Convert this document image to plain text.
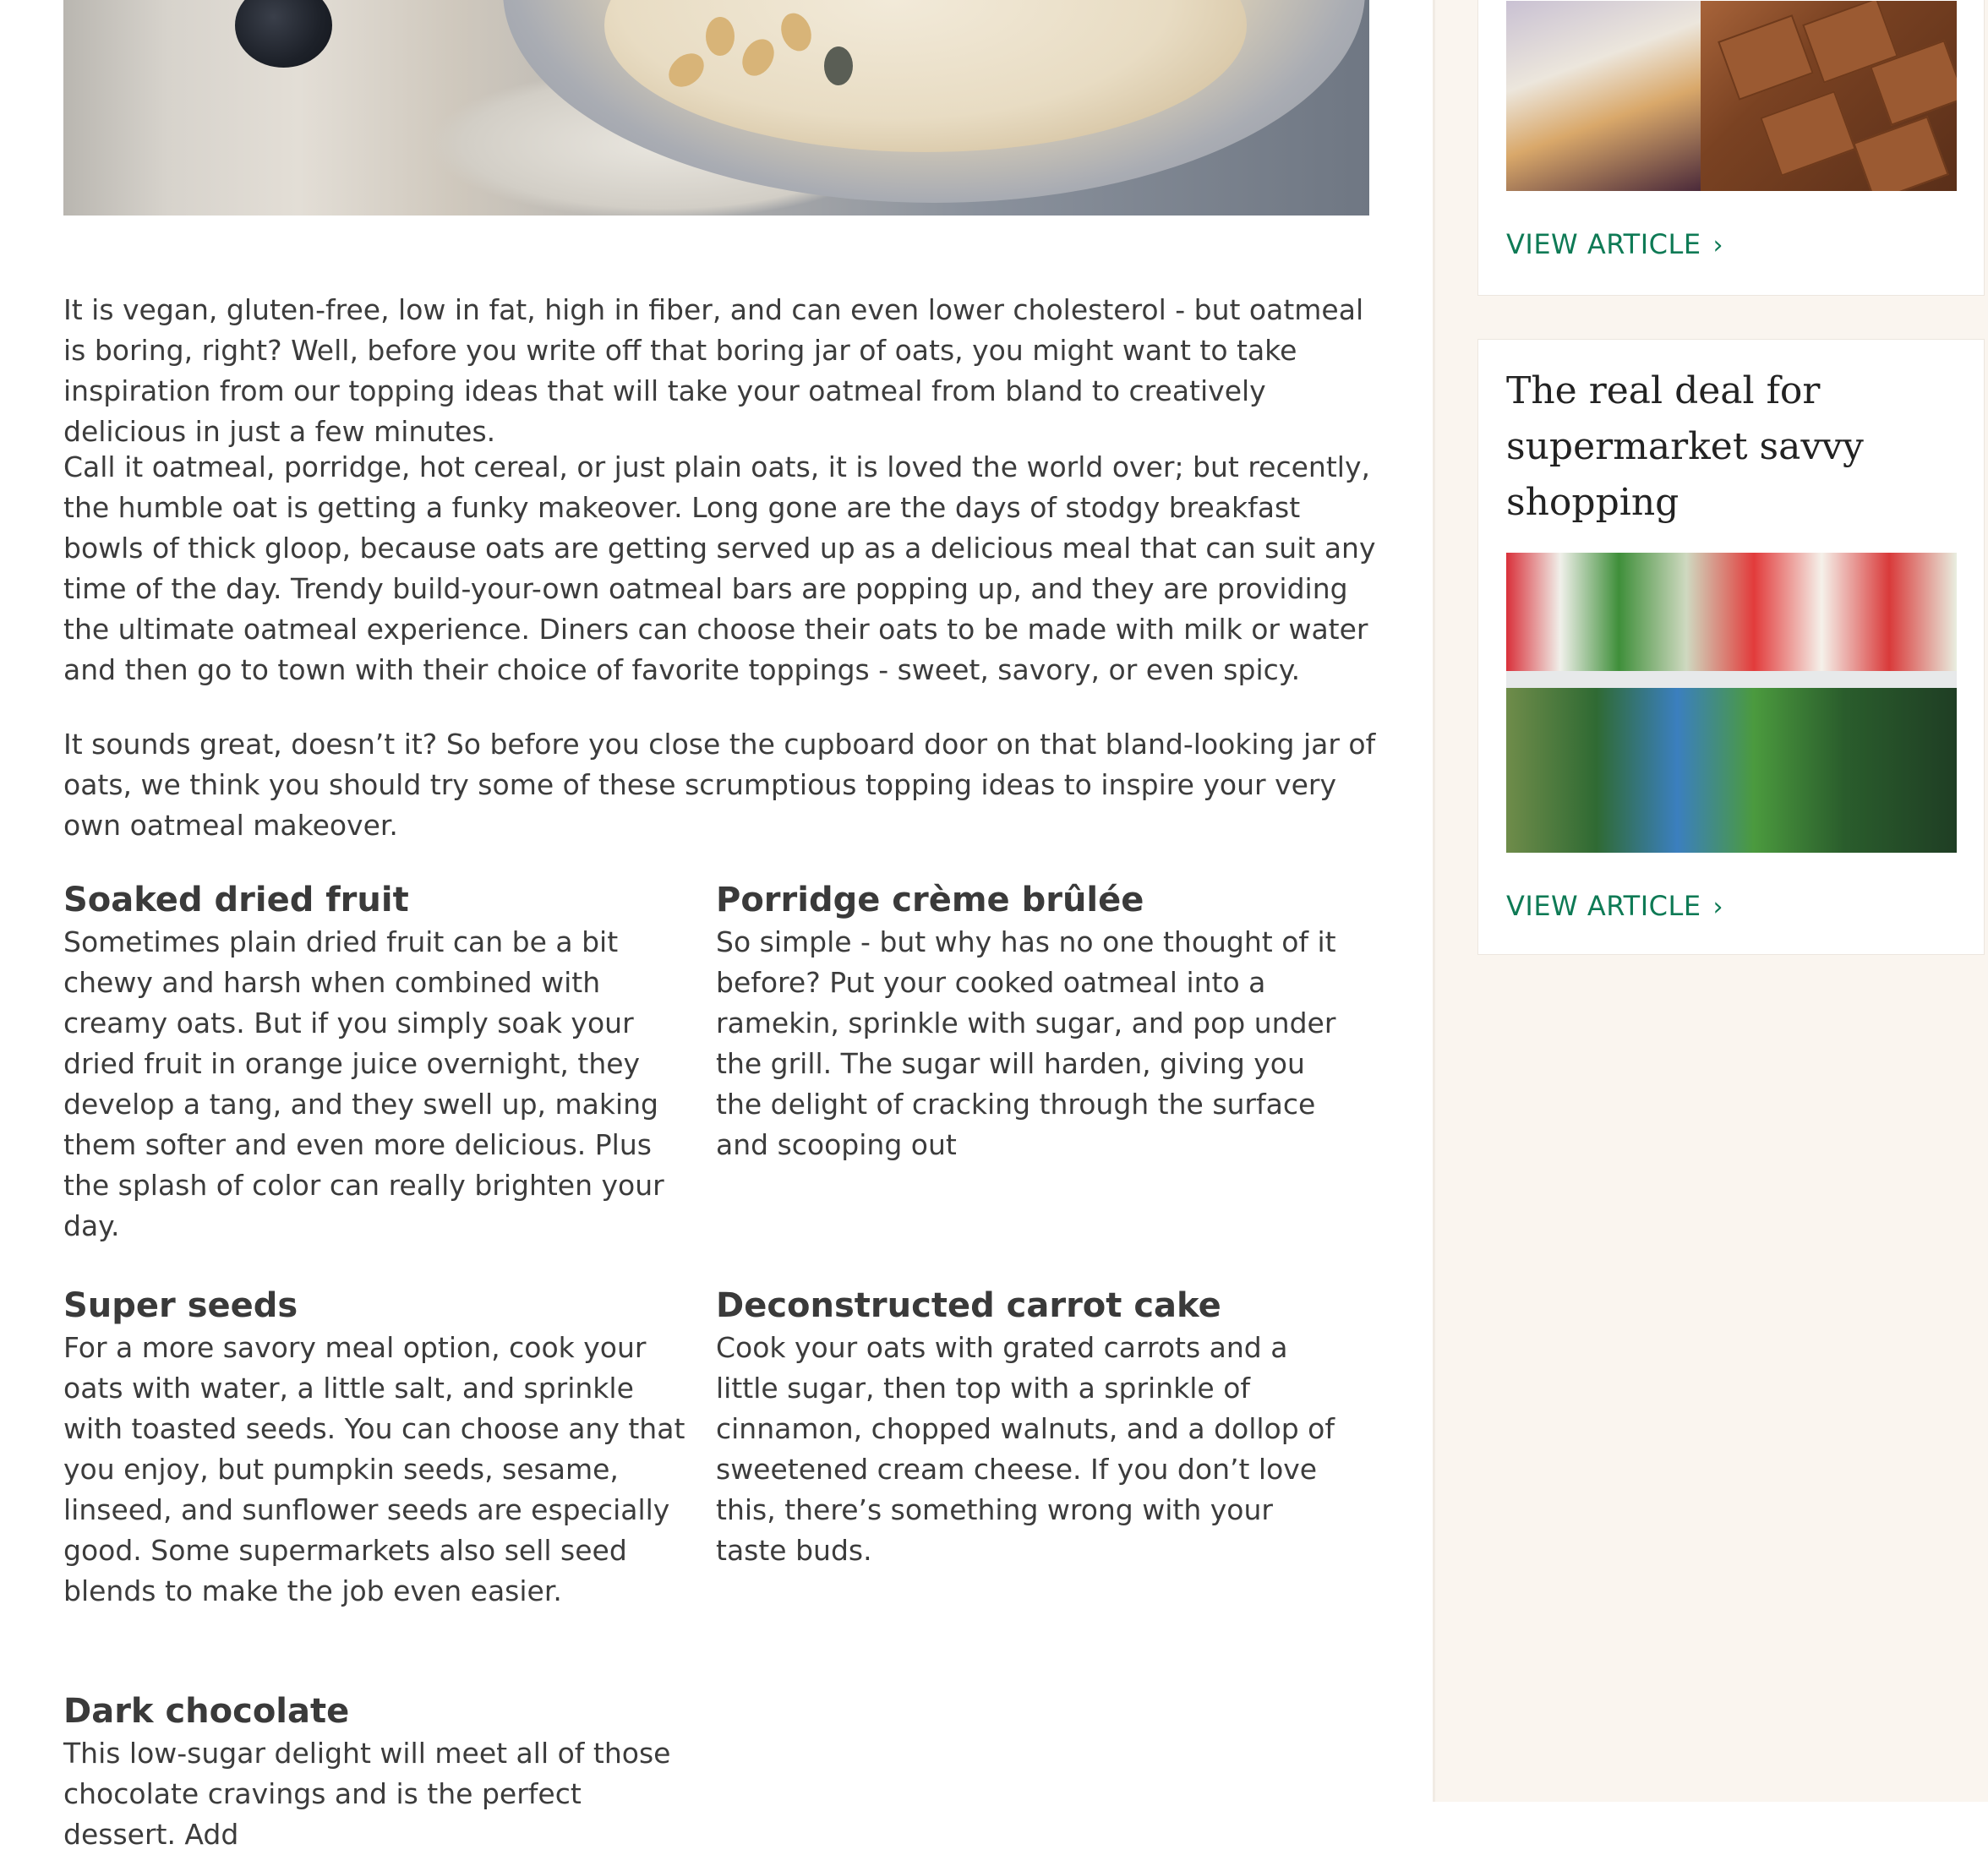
It is vegan, gluten-free, low in fat, high in fiber, and can even lower cholesterol - but oatmeal is boring, right? Well, before you write off that boring jar of oats, you might want to take inspiration from our topping ideas that will take your oatmeal from bland to creatively delicious in just a few minutes.

Call it oatmeal, porridge, hot cereal, or just plain oats, it is loved the world over; but recently, the humble oat is getting a funky makeover. Long gone are the days of stodgy breakfast bowls of thick gloop, because oats are getting served up as a delicious meal that can suit any time of the day. Trendy build-your-own oatmeal bars are popping up, and they are providing the ultimate oatmeal experience. Diners can choose their oats to be made with milk or water and then go to town with their choice of favorite toppings - sweet, savory, or even spicy.

It sounds great, doesn’t it? So before you close the cupboard door on that bland-looking jar of oats, we think you should try some of these scrumptious topping ideas to inspire your very own oatmeal makeover.

Soaked dried fruit

Sometimes plain dried fruit can be a bit chewy and harsh when combined with creamy oats. But if you simply soak your dried fruit in orange juice overnight, they develop a tang, and they swell up, making them softer and even more delicious. Plus the splash of color can really brighten your day.

Porridge crème brûlée

So simple - but why has no one thought of it before? Put your cooked oatmeal into a ramekin, sprinkle with sugar, and pop under the grill. The sugar will harden, giving you the delight of cracking through the surface and scooping out

Super seeds

For a more savory meal option, cook your oats with water, a little salt, and sprinkle with toasted seeds. You can choose any that you enjoy, but pumpkin seeds, sesame, linseed, and sunflower seeds are especially good. Some supermarkets also sell seed blends to make the job even easier.

Deconstructed carrot cake

Cook your oats with grated carrots and a little sugar, then top with a sprinkle of cinnamon, chopped walnuts, and a dollop of sweetened cream cheese. If you don’t love this, there’s something wrong with your taste buds.

Dark chocolate

This low-sugar delight will meet all of those chocolate cravings and is the perfect dessert. Add

VIEW ARTICLE ›
The real deal for supermarket savvy shopping
VIEW ARTICLE ›
